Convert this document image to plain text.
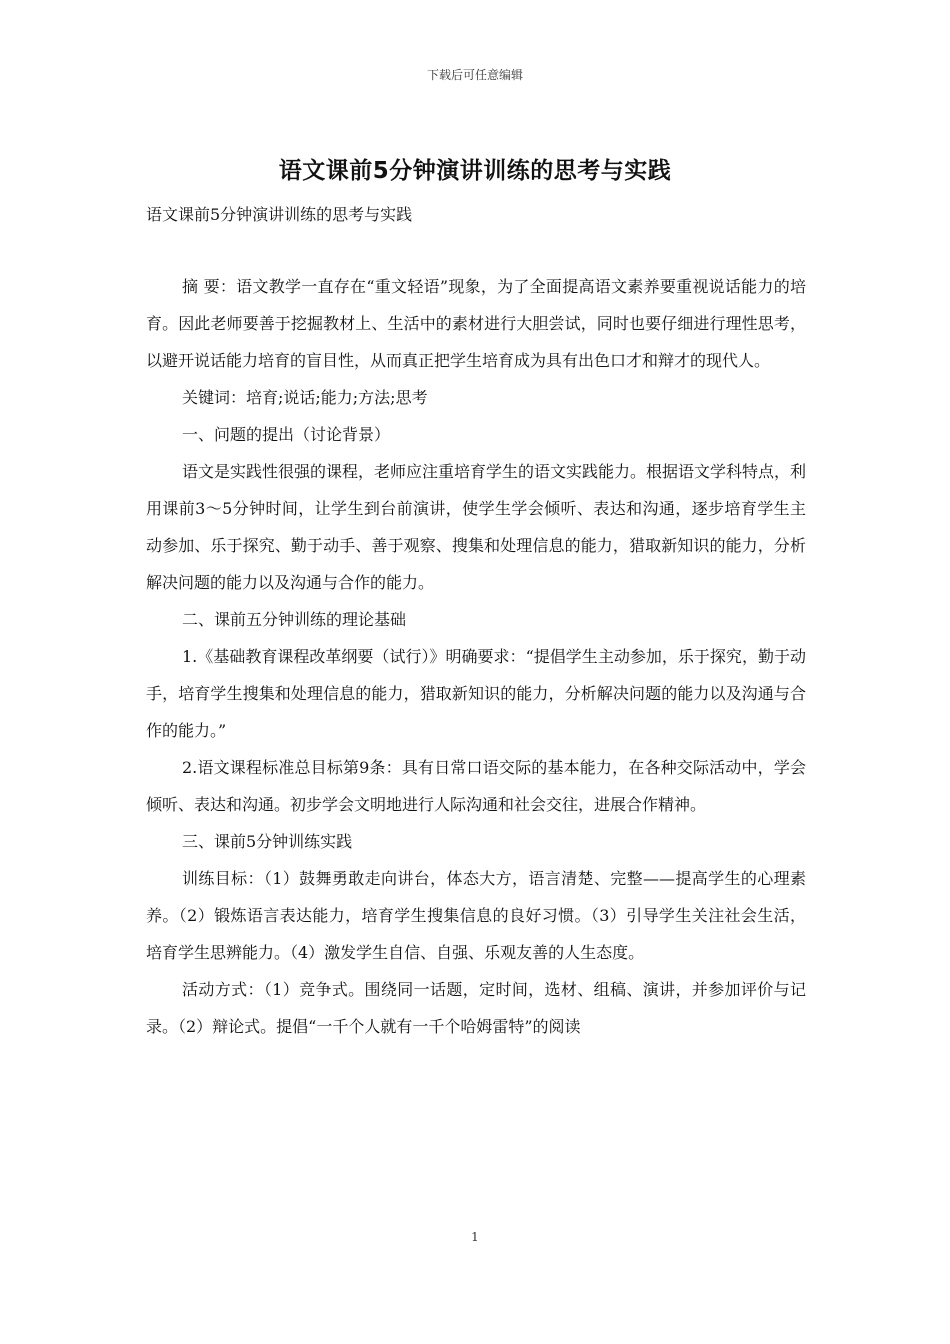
下载后可任意编辑
语文课前5分钟演讲训练的思考与实践

语文课前5分钟演讲训练的思考与实践

摘 要：语文教学一直存在“重文轻语”现象，为了全面提高语文素养要重视说话能力的培育。因此老师要善于挖掘教材上、生活中的素材进行大胆尝试，同时也要仔细进行理性思考，以避开说话能力培育的盲目性，从而真正把学生培育成为具有出色口才和辩才的现代人。

关键词：培育;说话;能力;方法;思考

一、问题的提出（讨论背景）

语文是实践性很强的课程，老师应注重培育学生的语文实践能力。根据语文学科特点，利用课前3～5分钟时间，让学生到台前演讲，使学生学会倾听、表达和沟通，逐步培育学生主动参加、乐于探究、勤于动手、善于观察、搜集和处理信息的能力，猎取新知识的能力，分析解决问题的能力以及沟通与合作的能力。

二、课前五分钟训练的理论基础

1.《基础教育课程改革纲要（试行）》明确要求：“提倡学生主动参加，乐于探究，勤于动手，培育学生搜集和处理信息的能力，猎取新知识的能力，分析解决问题的能力以及沟通与合作的能力。”

2.语文课程标准总目标第9条：具有日常口语交际的基本能力，在各种交际活动中，学会倾听、表达和沟通。初步学会文明地进行人际沟通和社会交往，进展合作精神。

三、课前5分钟训练实践

训练目标：（1）鼓舞勇敢走向讲台，体态大方，语言清楚、完整——提高学生的心理素养。（2）锻炼语言表达能力，培育学生搜集信息的良好习惯。（3）引导学生关注社会生活，培育学生思辨能力。（4）激发学生自信、自强、乐观友善的人生态度。

活动方式：（1）竞争式。围绕同一话题，定时间，选材、组稿、演讲，并参加评价与记录。（2）辩论式。提倡“一千个人就有一千个哈姆雷特”的阅读

1
